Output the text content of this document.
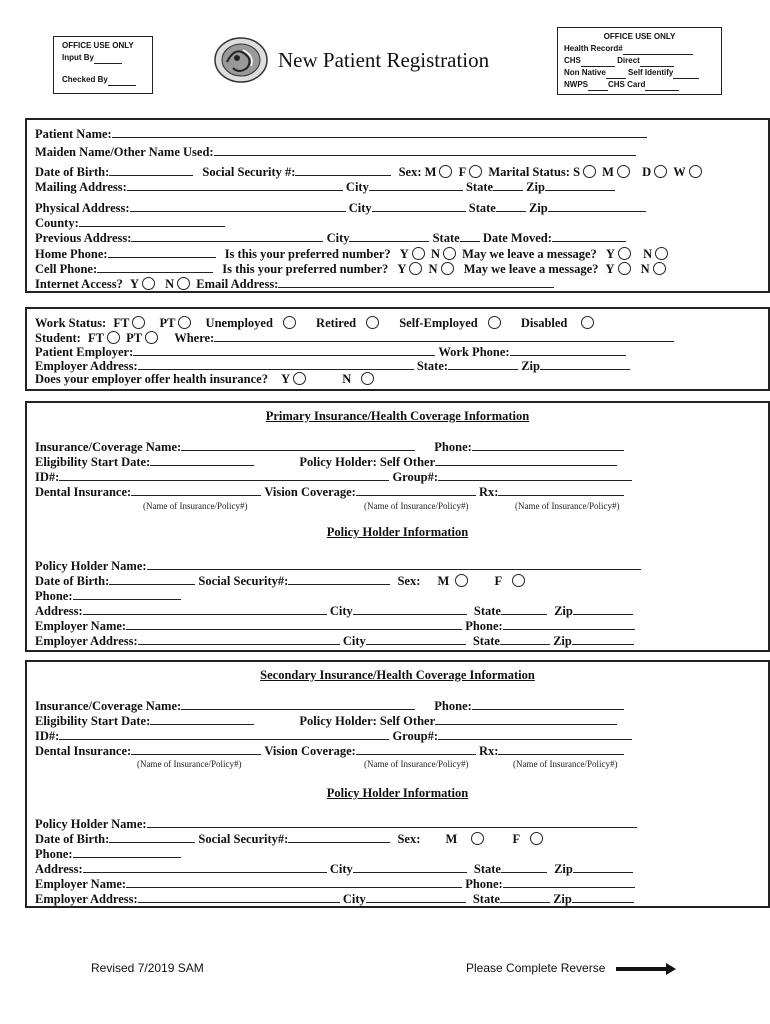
OFFICE USE ONLY
Input By
Checked By
New Patient Registration
OFFICE USE ONLY
Health Record#
CHS	Direct
Non Native	Self Identify
NWPS	CHS Card
Patient Name:
Maiden Name/Other Name Used:
Date of Birth:	Social Security #:	Sex: M F Marital Status: S M D W
Mailing Address:	City	State	Zip
Physical Address:	City	State	Zip
County:
Previous Address:	City	State Date Moved:
Home Phone:	Is this your preferred number? Y N May we leave a message? Y N
Cell Phone:	Is this your preferred number? Y N May we leave a message? Y N
Internet Access? Y N Email Address:
Work Status: FT PT Unemployed	Retired	Self-Employed	Disabled
Student: FT PT	Where:
Patient Employer:	Work Phone:
Employer Address:	State:	Zip
Does your employer offer health insurance? Y	N
Primary Insurance/Health Coverage Information
Insurance/Coverage Name:	Phone:
Eligibility Start Date:	Policy Holder: Self Other
ID#:	Group#:
Dental Insurance:	Vision Coverage:	Rx:
(Name of Insurance/Policy#)	(Name of Insurance/Policy#)	(Name of Insurance/Policy#)
Policy Holder Information
Policy Holder Name:
Date of Birth:	Social Security#:	Sex: M	F
Phone:
Address:	City	State	Zip
Employer Name:	Phone:
Employer Address:	City	State	Zip
Secondary Insurance/Health Coverage Information
Insurance/Coverage Name:	Phone:
Eligibility Start Date:	Policy Holder: Self Other
ID#:	Group#:
Dental Insurance:	Vision Coverage:	Rx:
(Name of Insurance/Policy#)	(Name of Insurance/Policy#)	(Name of Insurance/Policy#)
Policy Holder Information
Policy Holder Name:
Date of Birth:	Social Security#:	Sex: M	F
Phone:
Address:	City	State	Zip
Employer Name:	Phone:
Employer Address:	City	State	Zip
Revised 7/2019 SAM	Please Complete Reverse
